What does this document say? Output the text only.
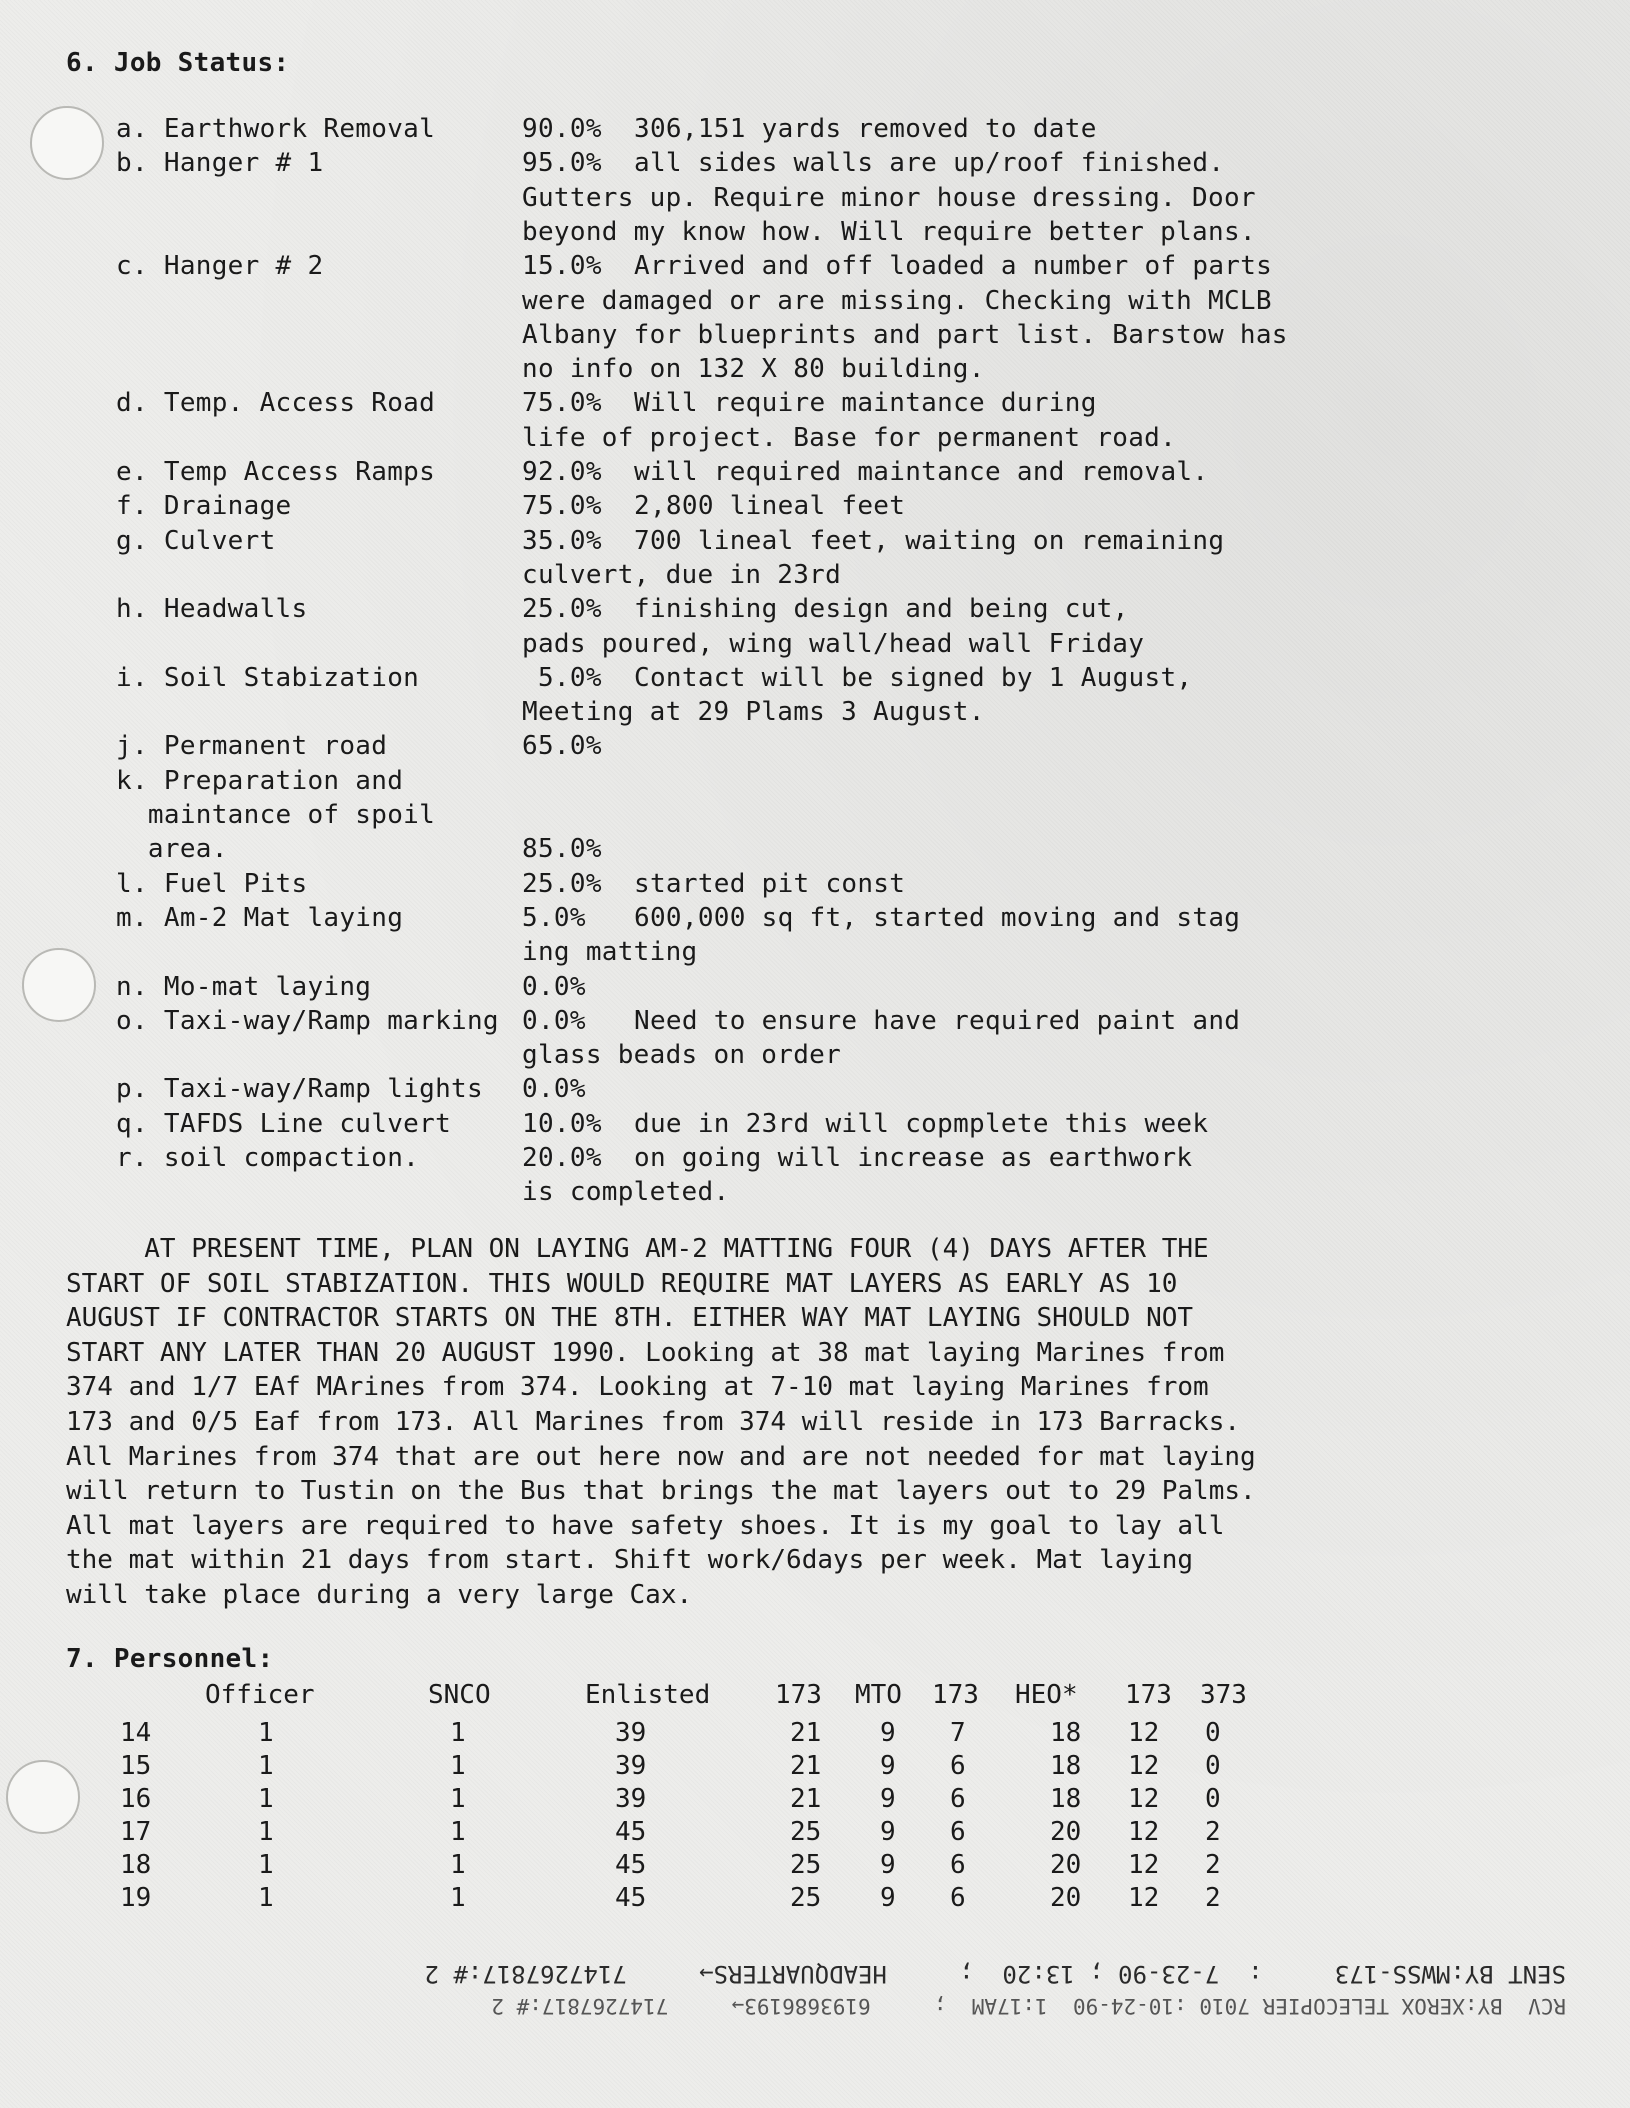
6. Job Status:
a. Earthwork Removal	90.0% 306,151 yards removed to date
b. Hanger # 1	95.0% all sides walls are up/roof finished.
Gutters up. Require minor house dressing. Door
beyond my know how. Will require better plans.
c. Hanger # 2	15.0% Arrived and off loaded a number of parts
were damaged or are missing. Checking with MCLB
Albany for blueprints and part list. Barstow has
no info on 132 X 80 building.
d. Temp. Access Road	75.0% Will require maintance during
life of project. Base for permanent road.
e. Temp Access Ramps	92.0% will required maintance and removal.
f. Drainage	75.0% 2,800 lineal feet
g. Culvert	35.0% 700 lineal feet, waiting on remaining
culvert, due in 23rd
h. Headwalls	25.0% finishing design and being cut,
pads poured, wing wall/head wall Friday
i. Soil Stabization	5.0% Contact will be signed by 1 August,
Meeting at 29 Plams 3 August.
j. Permanent road	65.0%
k. Preparation and
maintance of spoil
area.	85.0%
l. Fuel Pits	25.0% started pit const
m. Am-2 Mat laying	5.0% 600,000 sq ft, started moving and stag
ing matting
n. Mo-mat laying	0.0%
o. Taxi-way/Ramp marking 0.0% Need to ensure have required paint and
glass beads on order
p. Taxi-way/Ramp lights 0.0%
q. TAFDS Line culvert	10.0% due in 23rd will copmplete this week
r. soil compaction.	20.0% on going will increase as earthwork
is completed.
AT PRESENT TIME, PLAN ON LAYING AM-2 MATTING FOUR (4) DAYS AFTER THE
START OF SOIL STABIZATION. THIS WOULD REQUIRE MAT LAYERS AS EARLY AS 10
AUGUST IF CONTRACTOR STARTS ON THE 8TH. EITHER WAY MAT LAYING SHOULD NOT
START ANY LATER THAN 20 AUGUST 1990. Looking at 38 mat laying Marines from
374 and 1/7 EAf MArines from 374. Looking at 7-10 mat laying Marines from
173 and 0/5 Eaf from 173. All Marines from 374 will reside in 173 Barracks.
All Marines from 374 that are out here now and are not needed for mat laying
will return to Tustin on the Bus that brings the mat layers out to 29 Palms.
All mat layers are required to have safety shoes. It is my goal to lay all
the mat within 21 days from start. Shift work/6days per week. Mat laying
will take place during a very large Cax.
7. Personnel:
Officer	SNCO	Enlisted 173 MTO 173 HEO* 173 373
14	1	1	39	21 9 7	18 12 0
15	1	1	39	21 9 6	18 12 0
16	1	1	39	21 9 6	18 12 0
17	1	1	45	25 9 6	20 12 2
18	1	1	45	25 9 6	20 12 2
19	1	1	45	25 9 6	20 12 2
SENT BY:MWSS-173     :  7-23-90 ; 13:20  ;     HEADQUARTERS→     7147267817:# 2
RCV  BY:XEROX TELECOPIER 7010 :10-24-90  1:17AM  ;     6193686193→     7147267817:# 2
